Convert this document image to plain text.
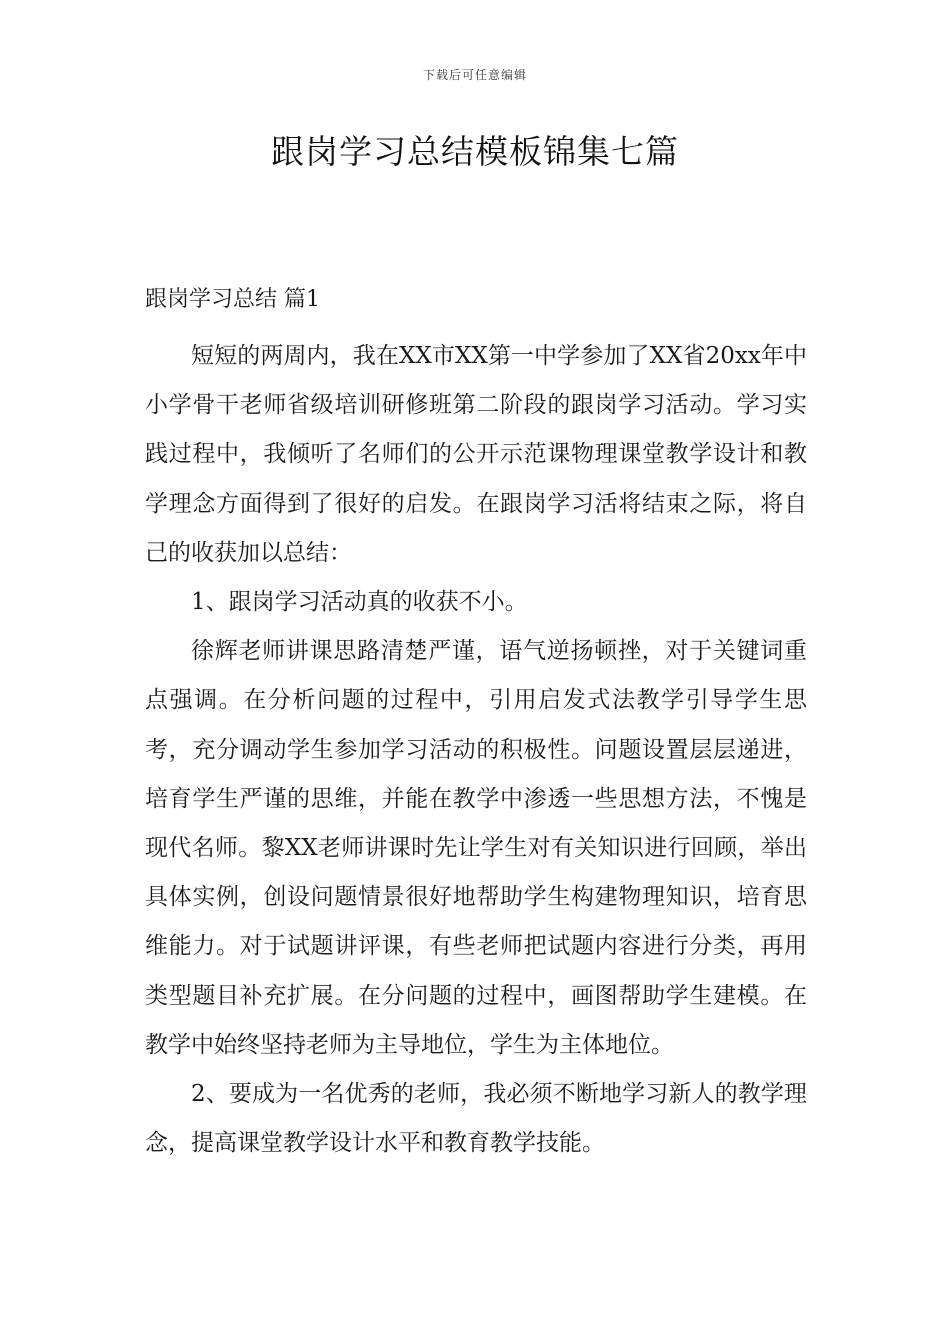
下载后可任意编辑
跟岗学习总结模板锦集七篇
跟岗学习总结 篇1

短短的两周内，我在XX市XX第一中学参加了XX省20xx年中小学骨干老师省级培训研修班第二阶段的跟岗学习活动。学习实践过程中，我倾听了名师们的公开示范课物理课堂教学设计和教学理念方面得到了很好的启发。在跟岗学习活将结束之际，将自己的收获加以总结：

1、跟岗学习活动真的收获不小。

徐辉老师讲课思路清楚严谨，语气逆扬顿挫，对于关键词重点强调。在分析问题的过程中，引用启发式法教学引导学生思考，充分调动学生参加学习活动的积极性。问题设置层层递进，培育学生严谨的思维，并能在教学中渗透一些思想方法，不愧是现代名师。黎XX老师讲课时先让学生对有关知识进行回顾，举出具体实例，创设问题情景很好地帮助学生构建物理知识，培育思维能力。对于试题讲评课，有些老师把试题内容进行分类，再用类型题目补充扩展。在分问题的过程中，画图帮助学生建模。在教学中始终坚持老师为主导地位，学生为主体地位。

2、要成为一名优秀的老师，我必须不断地学习新人的教学理念，提高课堂教学设计水平和教育教学技能。
